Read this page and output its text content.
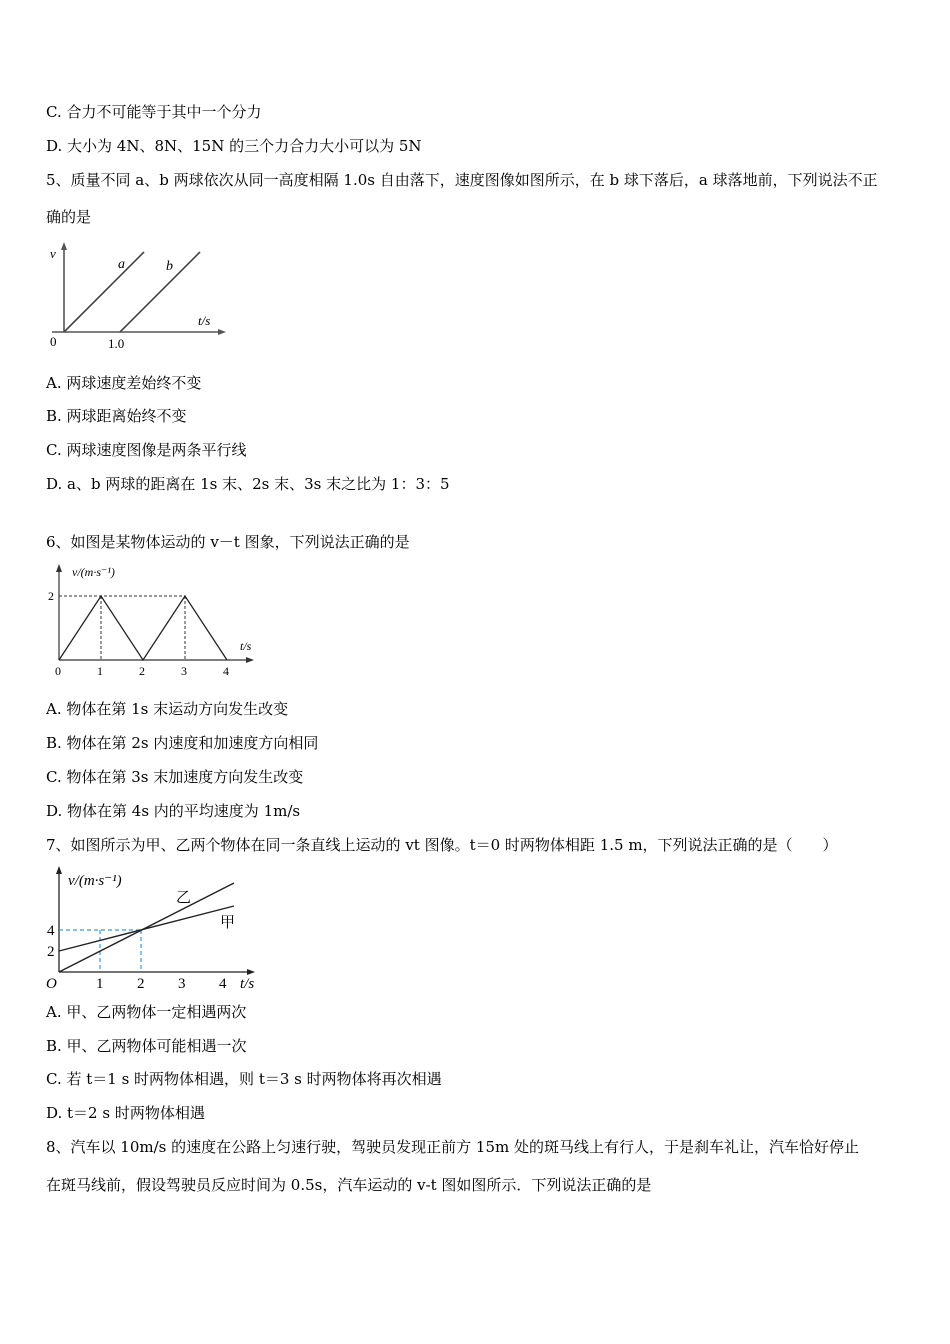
C. 合力不可能等于其中一个分力
D. 大小为 4N、8N、15N 的三个力合力大小可以为 5N
5、质量不同 a、b 两球依次从同一高度相隔 1.0s 自由落下，速度图像如图所示，在 b 球下落后，a 球落地前，下列说法不正
确的是
v
a	b
t/s
0	1.0
A. 两球速度差始终不变
B. 两球距离始终不变
C. 两球速度图像是两条平行线
D. a、b 两球的距离在 1s 末、2s 末、3s 末之比为 1：3：5
6、如图是某物体运动的 v－t 图象，下列说法正确的是
v/(m·s⁻¹)
t/s
2
0	1	2	3	4
A. 物体在第 1s 末运动方向发生改变
B. 物体在第 2s 内速度和加速度方向相同
C. 物体在第 3s 末加速度方向发生改变
D. 物体在第 4s 内的平均速度为 1m/s
7、如图所示为甲、乙两个物体在同一条直线上运动的 vt 图像。t＝0 时两物体相距 1.5 m，下列说法正确的是（　　）
v/(m·s⁻¹)
乙
甲
4
2
O	1 2 3 4 t/s
A. 甲、乙两物体一定相遇两次
B. 甲、乙两物体可能相遇一次
C. 若 t＝1 s 时两物体相遇，则 t＝3 s 时两物体将再次相遇
D. t＝2 s 时两物体相遇
8、汽车以 10m/s 的速度在公路上匀速行驶，驾驶员发现正前方 15m 处的斑马线上有行人，于是刹车礼让，汽车恰好停止
在斑马线前，假设驾驶员反应时间为 0.5s，汽车运动的 v-t 图如图所示．下列说法正确的是
